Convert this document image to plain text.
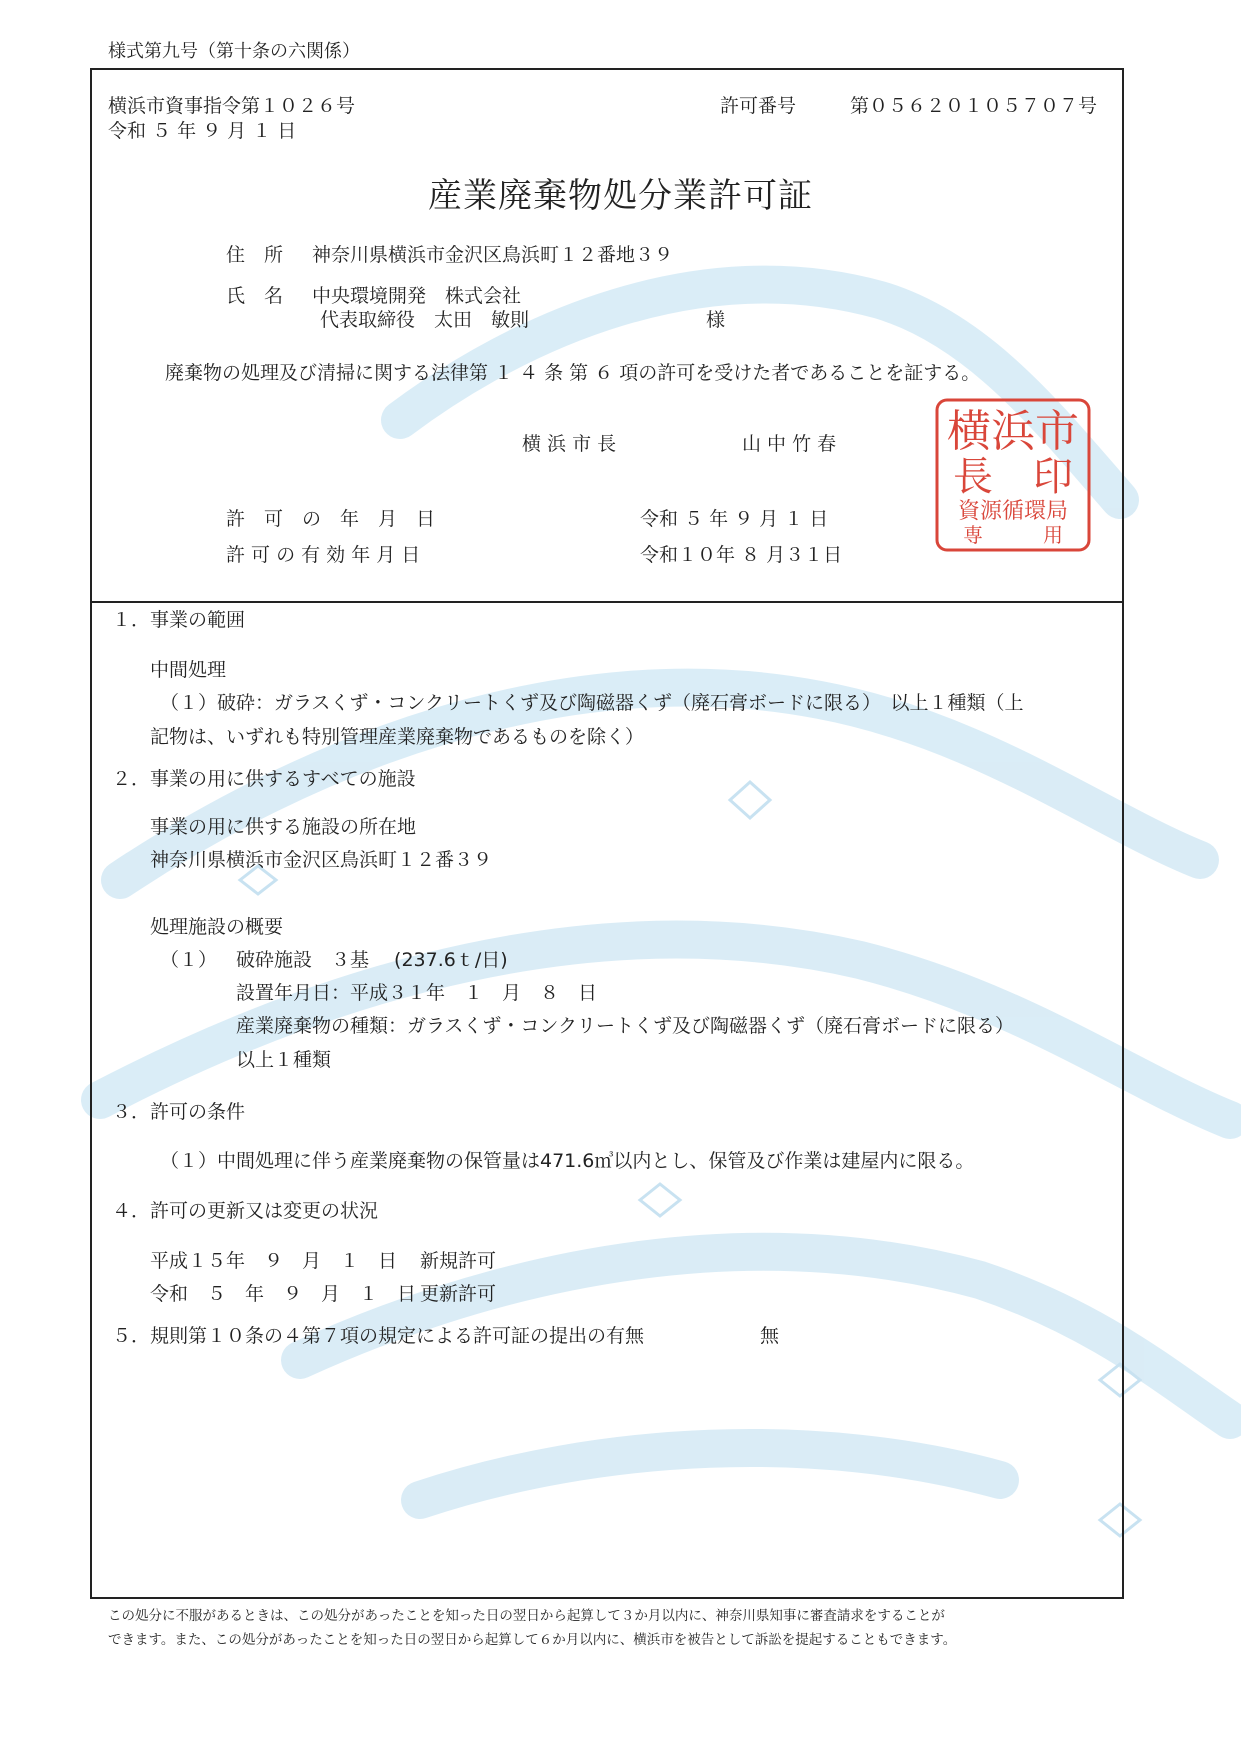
様式第九号（第十条の六関係）
横浜市資事指令第１０２６号
令和 ５ 年 ９ 月 １ 日
許可番号	第０５６２０１０５７０７号
産業廃棄物処分業許可証
住　所 神奈川県横浜市金沢区鳥浜町１２番地３９
氏　名 中央環境開発　株式会社
代表取締役　太田　敏則	様
廃棄物の処理及び清掃に関する法律第 １ ４ 条 第 ６ 項の許可を受けた者であることを証する。
横 浜 市 長	山 中 竹 春	横浜市
長　印
資源循環局
専　　　用
許　可　の　年　月　日	令和 ５ 年 ９ 月 １ 日
許 可 の 有 効 年 月 日	令和１０年 ８ 月３１日
１．事業の範囲
中間処理
（１）破砕：ガラスくず・コンクリートくず及び陶磁器くず（廃石膏ボードに限る）　以上１種類（上
記物は、いずれも特別管理産業廃棄物であるものを除く）
２．事業の用に供するすべての施設
事業の用に供する施設の所在地
神奈川県横浜市金沢区鳥浜町１２番３９
処理施設の概要
（１） 破砕施設　３基　 (237.6ｔ/日)
設置年月日：平成３１年　１　月　８　日
産業廃棄物の種類：ガラスくず・コンクリートくず及び陶磁器くず（廃石膏ボードに限る）
以上１種類
３．許可の条件
（１）中間処理に伴う産業廃棄物の保管量は471.6㎥以内とし、保管及び作業は建屋内に限る。
４．許可の更新又は変更の状況
平成１５年　９　月　１　日 新規許可
令和　５　年　９　月　１　日 更新許可
５．規則第１０条の４第７項の規定による許可証の提出の有無	無
この処分に不服があるときは、この処分があったことを知った日の翌日から起算して３か月以内に、神奈川県知事に審査請求をすることが
できます。また、この処分があったことを知った日の翌日から起算して６か月以内に、横浜市を被告として訴訟を提起することもできます。
